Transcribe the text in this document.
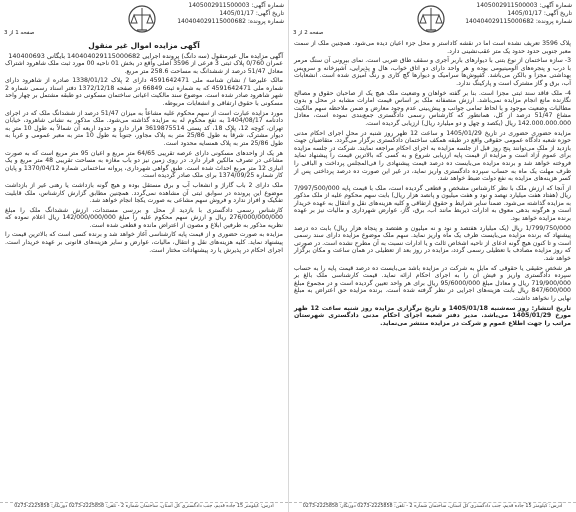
شماره آگهی: 1405002911500003
تاریخ آگهی: 1405/01/17
شماره پرونده: 140404029115000682
صفحه 2 از 3

پلاک 3596 تعریف نشده است اما در نقشه کاداستر و محل جزء اعیان دیده می‌شود. همچنین ملک از سمت معبر جنوبی حدود حدود یک متر عقب‌نشینی دارد.

3- سازه ساختمان از نوع بتنی با دیوارهای باربر آجری و سقف طاق ضربی است. نمای بیرونی آن سنگ مرمر با درب و پنجره‌های آلومینیومی بوده و هر واحد دارای دو اتاق خواب، هال و پذیرایی، آشپزخانه و سرویس بهداشتی مجزا و بالکن می‌باشد. کفپوش‌ها سرامیک و دیوارها گچ کاری و رنگ آمیزی شده است. انشعابات آب، برق و گاز مشترک است و پارکینگ ندارد.

4- ملک فاقد سند ثبتی مجزا است. بنا بر گفته خواهان و وضعیت ملک هیچ یک از صاحبان حقوق و مصالح نگارنده مانع انجام مزایده نمی‌باشد. ارزش منصفانه ملک بر اساس قیمت امارات مشابه در محل و بدون مطالبات وضعیت موجود و با لحاظ تمامی جوانب و پیش‌بینی عدم وجود معارض و ضمن ملاحظه سهم مالکیت مشاع 51/47 درصد از کل، همانطور که کارشناس رسمی دادگستری جمع‌بندی نموده است، معادل 142.000.000.000 ریال (یکصد و چهل و دو میلیارد ریال) ارزیابی گردیده است.

مزایده حضوری حضوری در تاریخ 1405/01/29 و ساعت 12 ظهر روز شنبه در محل اجرای احکام مدنی حوزه شعبه دادگاه عمومی حقوقی واقع در طبقه همکف ساختمان دادگستری برگزار می‌گردد. متقاضیان جهت بازدید از ملک می‌توانند پنج روز قبل از جلسه مزایده به اجرای احکام مراجعه نمایند. شرکت در جلسه مزایده برای عموم آزاد است و مزایده از قیمت پایه ارزیابی شروع و به کسی که بالاترین قیمت را پیشنهاد نماید فروخته خواهد شد و برنده مزایده می‌بایست ده درصد قیمت پیشنهادی را فی‌المجلس پرداخت و الباقی را ظرف مهلت یک ماه به حساب سپرده دادگستری واریز نماید، در غیر این صورت ده درصد پرداختی پس از کسر هزینه‌های مزایده به نفع دولت ضبط خواهد شد.

از آنجا که ارزش ملک با نظر کارشناس مشخص و قطعی گردیده است، ملک با قیمت پایه 7/997/500/000 ریال (هفتاد هفت میلیارد نهصد و نود و هفت میلیون و پانصد هزار ریال) بابت سهم محکوم علیه از ملک مذکور به مزایده گذاشته می‌شود. ضمناً سایر شرایط و حقوق ارتفاقی و کلیه هزینه‌های نقل و انتقال به عهده خریدار است و هرگونه بدهی معوق به ادارات ذیربط مانند آب، برق، گاز، عوارض شهرداری و مالیات نیز بر عهده برنده مزایده خواهد بود.

1/799/750/000 ریال (یک میلیارد هفتصد و نود و نه میلیون و هفتصد و پنجاه هزار ریال) بابت ده درصد پیشنهاد که برنده مزایده می‌بایست ظرف یک ماه واریز نماید. سهم ملک موضوع مزایده دارای سند رسمی است و تا کنون هیچ گونه ادعای از ناحیه اشخاص ثالث و یا ادارات نسبت به آن مطرح نشده است. در صورتی که روز مزایده مصادف با تعطیلی رسمی گردد، مزایده در روز بعد از تعطیلی در همان ساعت و مکان برگزار خواهد شد.

هر شخص حقیقی یا حقوقی که مایل به شرکت در مزایده باشد می‌بایست ده درصد قیمت پایه را به حساب سپرده دادگستری واریز و فیش آن را به اجرای احکام ارائه نماید. قیمت کارشناسی ملک بالغ بر 719/900/000 ریال و معادل مبلغ 95/6000/000 ریال برای هر واحد تعیین گردیده است و در مجموع مبلغ 847/600/000 ریال بابت هزینه‌های اجرایی در نظر گرفته شده است. برنده مزایده حق اعتراض به مبلغ نهایی را نخواهد داشت.

تاریخ انتشار: روز سه‌شنبه 1405/01/18 و تاریخ برگزاری مزایده روز شنبه ساعت 12 ظهر مورخ 1405/01/29 می‌باشد. مدیر دفتر شعبه اجرای احکام مدنی دادگستری شهرستان مراتب را جهت اطلاع عموم و شرکت در مزایده منتشر می‌نماید.

آدرس: کیلومتر 15 جاده قدیم، جنب دادگستری کل استان، ساختمان شماره 2 - تلفن: 2225858-0273 دورنگار: 2225858-0273
شماره آگهی: 1405002911500003
تاریخ آگهی: 1405/01/17
شماره پرونده: 140404029115000682
صفحه 1 از 3
آگهی مزایده اموال غیر منقول

آگهی مزایده مال غیرمنقول (سه دانگ) پرونده اجرایی 140404029115000682 بایگانی 140400693

عمران 0/760 پلاک ثبتی 3 فرعی از 3596 اصلی واقع در بخش 01 ناحیه 00 مورد ثبت ملک شاهرود اشتراک معادل 51/47 درصد از ششدانگ به مساحت 258.6 متر مربع.

مالک علیرضا / نشان شناسه ملی 4591642471 دارای 2 پلاک 1338/01/12 صادره از شاهرود دارای شماره ملی 4591642471 که به شماره ثبت 66849 در صفحه 1372/12/18 دفتر اسناد رسمی شماره 2 شهر شاهرود صادر شده است. موضوع سند مالکیت اعیانی ساختمان مسکونی دو طبقه مشتمل بر چهار واحد مسکونی با حقوق ارتفاقی و انشعابات مربوطه.

مورد مزایده عبارت است از سهم محکوم علیه مشاعاً به میزان 51/47 درصد از ششدانگ ملک که در اجرای دادنامه 1404/08/17 به نفع محکوم له به مزایده گذاشته می‌شود. ملک مذکور به نشانی شاهرود، خیابان تهران، کوچه 12، پلاک 18، کد پستی 3619875514 قرار دارد و حدود اربعه آن شمالاً به طول 10 متر به دیوار مشترک، شرقاً به طول 25/86 متر به پلاک مجاور، جنوباً به طول 10 متر به معبر عمومی و غرباً به طول 25/86 متر به پلاک همسایه محدود است.

هر یک از واحدهای مسکونی دارای عرصه تقریبی 64/65 متر مربع و اعیان 95 متر مربع است که به صورت مشاعی در تصرف مالکین قرار دارد. در روی زمین نیز دو باب مغازه به مساحت تقریبی 48 متر مربع و یک انباری 12 متر مربع احداث شده است. طبق گواهی شهرداری، پروانه ساختمانی شماره 1370/04/12 و پایان کار شماره 1374/09/25 برای ملک صادر گردیده است.

ملک دارای 2 باب گاراژ و انشعاب آب و برق مستقل بوده و هیچ گونه بازداشت یا رهنی غیر از بازداشت موضوع این پرونده در سوابق ثبتی آن مشاهده نمی‌گردد. همچنین مطابق گزارش کارشناس، ملک قابلیت تفکیک و افراز ندارد و فروش سهم مشاعی به صورت یکجا انجام خواهد شد.

کارشناس رسمی دادگستری با بازدید از محل و بررسی مستندات، ارزش ششدانگ ملک را مبلغ 276/000/000/000 ریال و ارزش سهم محکوم علیه را مبلغ 142/000/000/000 ریال اعلام نموده که نظریه مذکور به طرفین ابلاغ و مصون از اعتراض مانده و قطعی شده است.

مزایده به صورت حضوری و از قیمت پایه کارشناسی آغاز خواهد شد و برنده کسی است که بالاترین قیمت را پیشنهاد نماید. کلیه هزینه‌های نقل و انتقال، مالیات، عوارض و سایر هزینه‌های قانونی بر عهده خریدار است. اجرای احکام در پذیرش یا رد پیشنهادات مختار است.

آدرس: کیلومتر 15 جاده قدیم، جنب دادگستری کل استان، ساختمان شماره 2 - تلفن: 2225858-0273 دورنگار: 2225858-0273
